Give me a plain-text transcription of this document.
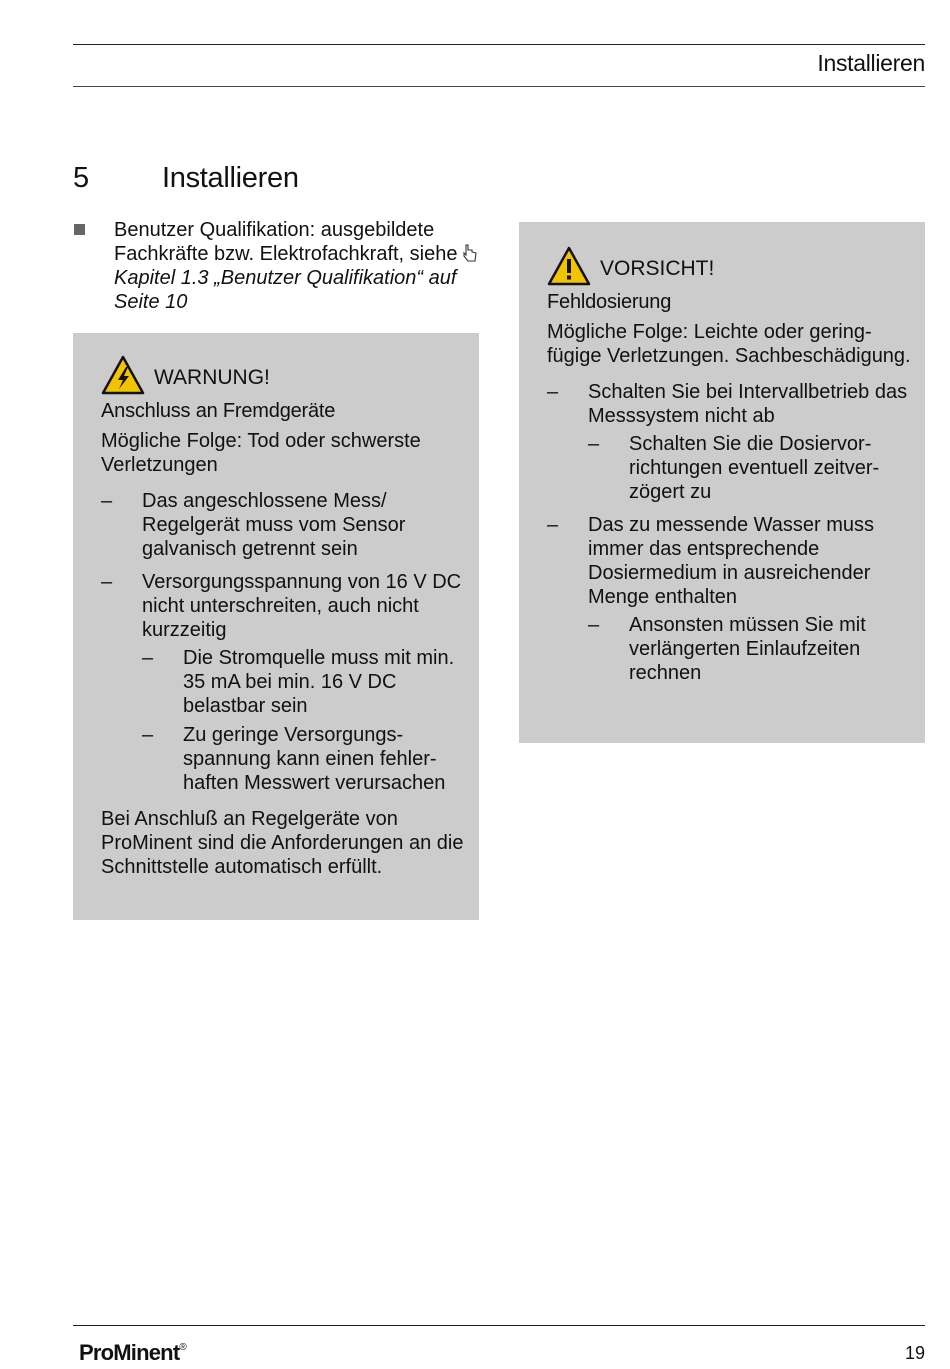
Installieren
5	Installieren
Benutzer Qualifikation: ausgebildete Fachkräfte bzw. Elektrofachkraft, siehe  Kapitel 1.3 „Benutzer Qualifikation“ auf Seite 10
WARNUNG!
Anschluss an Fremdgeräte
Mögliche Folge: Tod oder schwerste Verletzungen
– Das angeschlossene Mess/ Regelgerät muss vom Sensor galvanisch getrennt sein
– Versorgungsspannung von 16 V DC nicht unterschreiten, auch nicht kurzzeitig
– Die Stromquelle muss mit min. 35 mA bei min. 16 V DC belastbar sein
– Zu geringe Versorgungsspannung kann einen fehlerhaften Messwert verursachen
Bei Anschluß an Regelgeräte von ProMinent sind die Anforderungen an die Schnittstelle automatisch erfüllt.
VORSICHT!
Fehldosierung
Mögliche Folge: Leichte oder geringfügige Verletzungen. Sachbeschädigung.
– Schalten Sie bei Intervallbetrieb das Messsystem nicht ab
– Schalten Sie die Dosiervorrichtungen eventuell zeitverzögert zu
– Das zu messende Wasser muss immer das entsprechende Dosiermedium in ausreichender Menge enthalten
– Ansonsten müssen Sie mit verlängerten Einlaufzeiten rechnen
ProMinent®	19
